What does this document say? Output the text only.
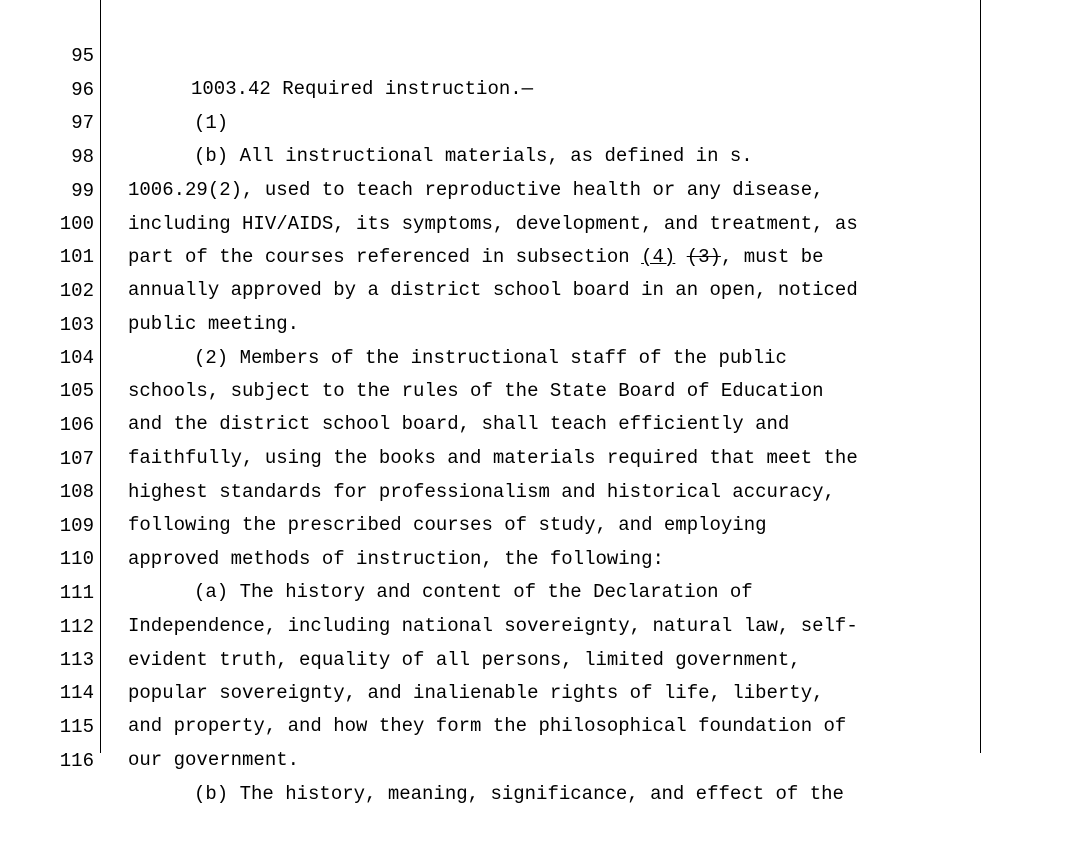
95

1003.42 Required instruction.—

96

(1)

97

(b) All instructional materials, as defined in s.

98

1006.29(2), used to teach reproductive health or any disease,

99

including HIV/AIDS, its symptoms, development, and treatment, as

100

part of the courses referenced in subsection (4) (3), must be

101

annually approved by a district school board in an open, noticed

102

public meeting.

103

(2) Members of the instructional staff of the public

104

schools, subject to the rules of the State Board of Education

105

and the district school board, shall teach efficiently and

106

faithfully, using the books and materials required that meet the

107

highest standards for professionalism and historical accuracy,

108

following the prescribed courses of study, and employing

109

approved methods of instruction, the following:

110

(a) The history and content of the Declaration of

111

Independence, including national sovereignty, natural law, self-

112

evident truth, equality of all persons, limited government,

113

popular sovereignty, and inalienable rights of life, liberty,

114

and property, and how they form the philosophical foundation of

115

our government.

116

(b) The history, meaning, significance, and effect of the
